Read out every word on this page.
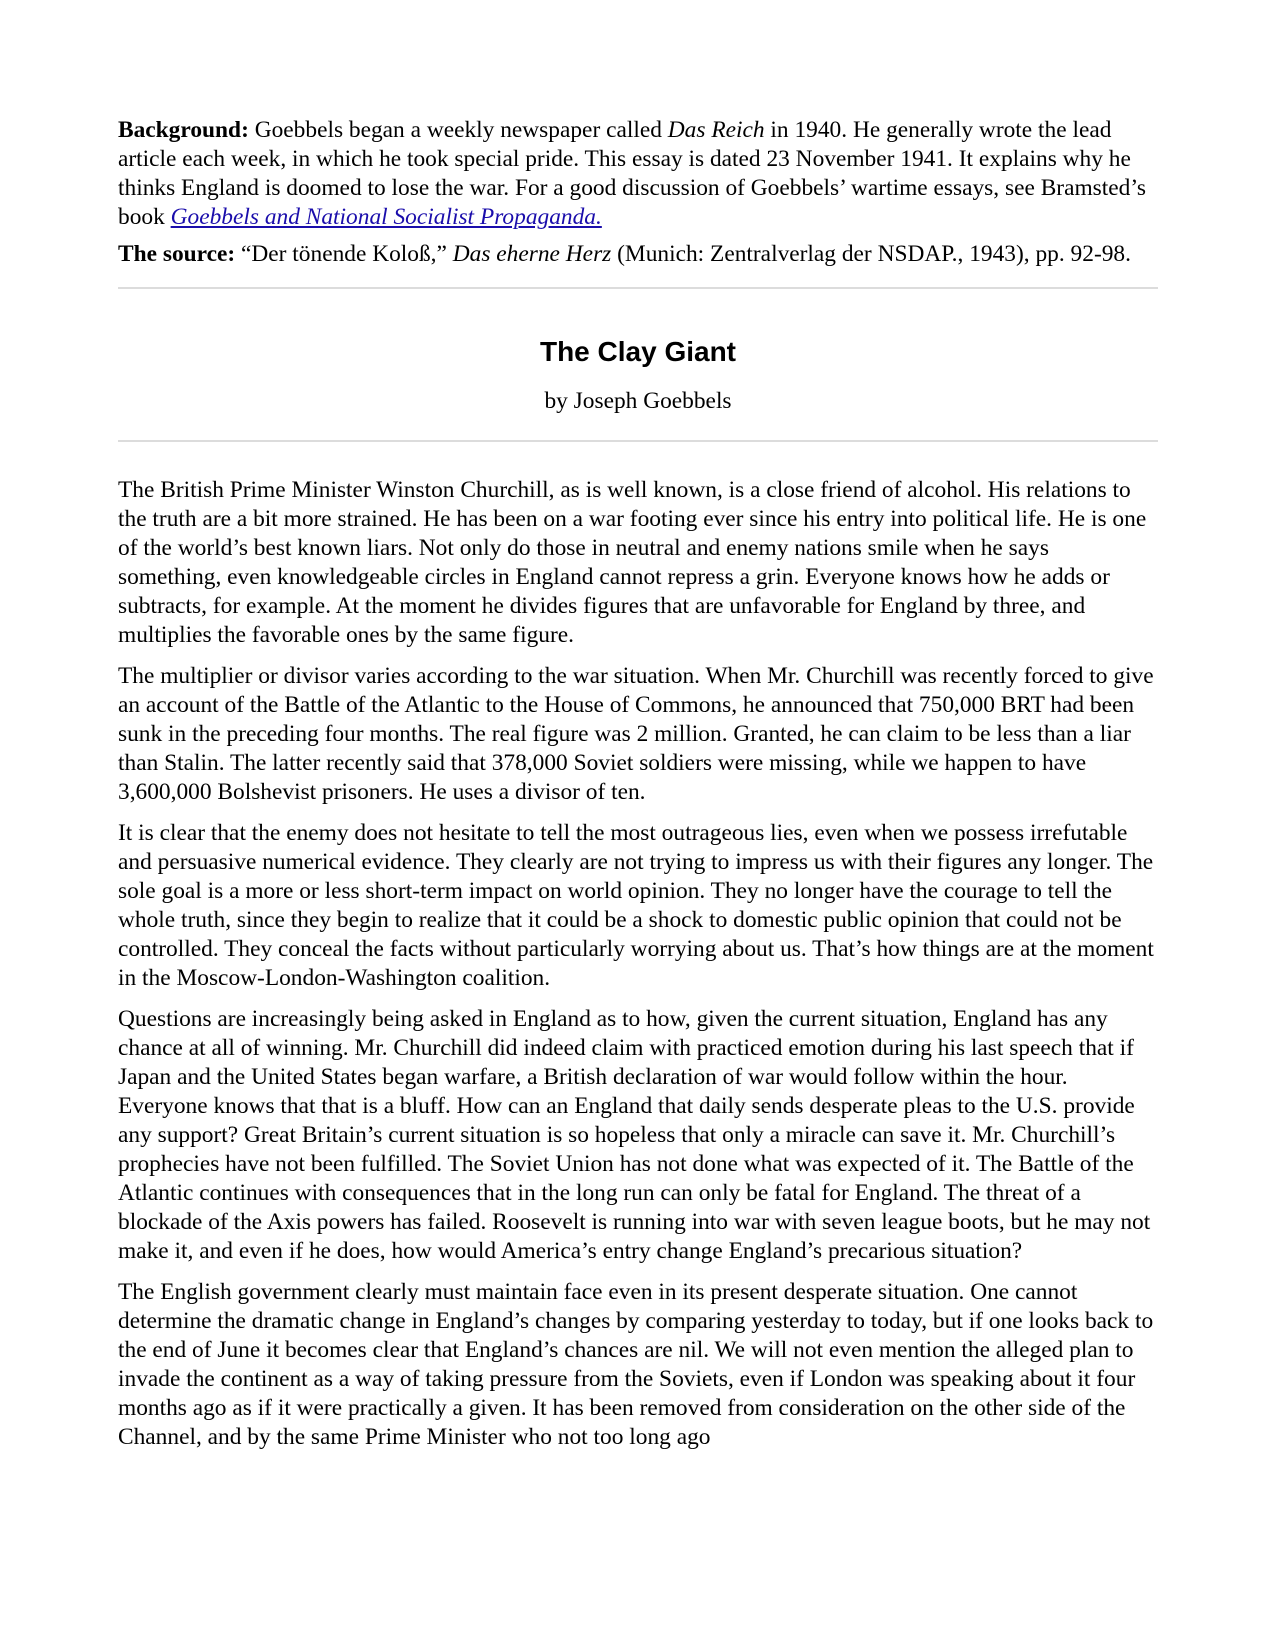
Background: Goebbels began a weekly newspaper called Das Reich in 1940. He generally wrote the lead article each week, in which he took special pride. This essay is dated 23 November 1941. It explains why he thinks England is doomed to lose the war. For a good discussion of Goebbels’ wartime essays, see Bramsted’s book Goebbels and National Socialist Propaganda.

The source: “Der tönende Koloß,” Das eherne Herz (Munich: Zentralverlag der NSDAP., 1943), pp. 92-98.

The Clay Giant
by Joseph Goebbels

The British Prime Minister Winston Churchill, as is well known, is a close friend of alcohol. His relations to the truth are a bit more strained. He has been on a war footing ever since his entry into political life. He is one of the world’s best known liars. Not only do those in neutral and enemy nations smile when he says something, even knowledgeable circles in England cannot repress a grin. Everyone knows how he adds or subtracts, for example. At the moment he divides figures that are unfavorable for England by three, and multiplies the favorable ones by the same figure.

The multiplier or divisor varies according to the war situation. When Mr. Churchill was recently forced to give an account of the Battle of the Atlantic to the House of Commons, he announced that 750,000 BRT had been sunk in the preceding four months. The real figure was 2 million. Granted, he can claim to be less than a liar than Stalin. The latter recently said that 378,000 Soviet soldiers were missing, while we happen to have 3,600,000 Bolshevist prisoners. He uses a divisor of ten.

It is clear that the enemy does not hesitate to tell the most outrageous lies, even when we possess irrefutable and persuasive numerical evidence. They clearly are not trying to impress us with their figures any longer. The sole goal is a more or less short-term impact on world opinion. They no longer have the courage to tell the whole truth, since they begin to realize that it could be a shock to domestic public opinion that could not be controlled. They conceal the facts without particularly worrying about us. That’s how things are at the moment in the Moscow-London-Washington coalition.

Questions are increasingly being asked in England as to how, given the current situation, England has any chance at all of winning. Mr. Churchill did indeed claim with practiced emotion during his last speech that if Japan and the United States began warfare, a British declaration of war would follow within the hour. Everyone knows that that is a bluff. How can an England that daily sends desperate pleas to the U.S. provide any support? Great Britain’s current situation is so hopeless that only a miracle can save it. Mr. Churchill’s prophecies have not been fulfilled. The Soviet Union has not done what was expected of it. The Battle of the Atlantic continues with consequences that in the long run can only be fatal for England. The threat of a blockade of the Axis powers has failed. Roosevelt is running into war with seven league boots, but he may not make it, and even if he does, how would America’s entry change England’s precarious situation?

The English government clearly must maintain face even in its present desperate situation. One cannot determine the dramatic change in England’s changes by comparing yesterday to today, but if one looks back to the end of June it becomes clear that England’s chances are nil. We will not even mention the alleged plan to invade the continent as a way of taking pressure from the Soviets, even if London was speaking about it four months ago as if it were practically a given. It has been removed from consideration on the other side of the Channel, and by the same Prime Minister who not too long ago
